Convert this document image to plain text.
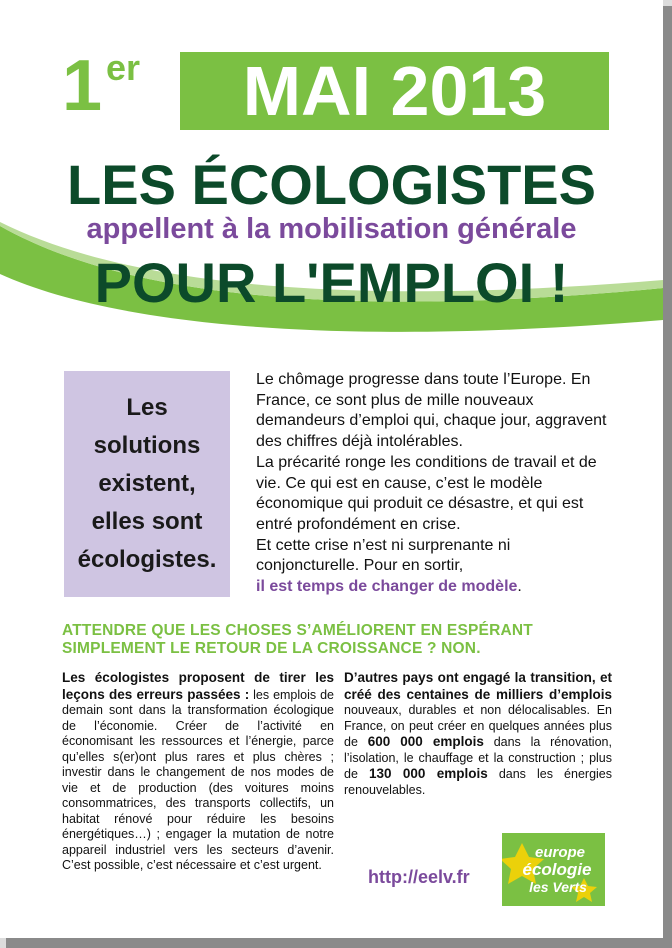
1 er	MAI 2013
LES ÉCOLOGISTES
appellent à la mobilisation générale
POUR L'EMPLOI !
Les
solutions
existent,
elles sont
écologistes.

Le chômage progresse dans toute l’Europe. En France, ce sont plus de mille nouveaux demandeurs d’emploi qui, chaque jour, aggravent des chiffres déjà intolérables.

La précarité ronge les conditions de travail et de vie. Ce qui est en cause, c’est le modèle économique qui produit ce désastre, et qui est entré profondément en crise.

Et cette crise n’est ni surprenante ni conjoncturelle. Pour en sortir,
il est temps de changer de modèle.

ATTENDRE QUE LES CHOSES S’AMÉLIORENT EN ESPÉRANT SIMPLEMENT LE RETOUR DE LA CROISSANCE ? NON.
Les écologistes proposent de tirer les leçons des erreurs passées : les emplois de demain sont dans la transformation écologique de l’économie. Créer de l’activité en économisant les ressources et l’énergie, parce qu’elles s(er)ont plus rares et plus chères ; investir dans le changement de nos modes de vie et de production (des voitures moins consommatrices, des transports collectifs, un habitat rénové pour réduire les besoins énergétiques…) ; engager la mutation de notre appareil industriel vers les secteurs d’avenir. C’est possible, c’est nécessaire et c’est urgent.
D’autres pays ont engagé la transition, et créé des centaines de milliers d’emplois nouveaux, durables et non délocalisables. En France, on peut créer en quelques années plus de 600 000 emplois dans la rénovation, l’isolation, le chauffage et la construction ; plus de 130 000 emplois dans les énergies renouvelables.
http://eelv.fr
europe
écologie
les Verts
